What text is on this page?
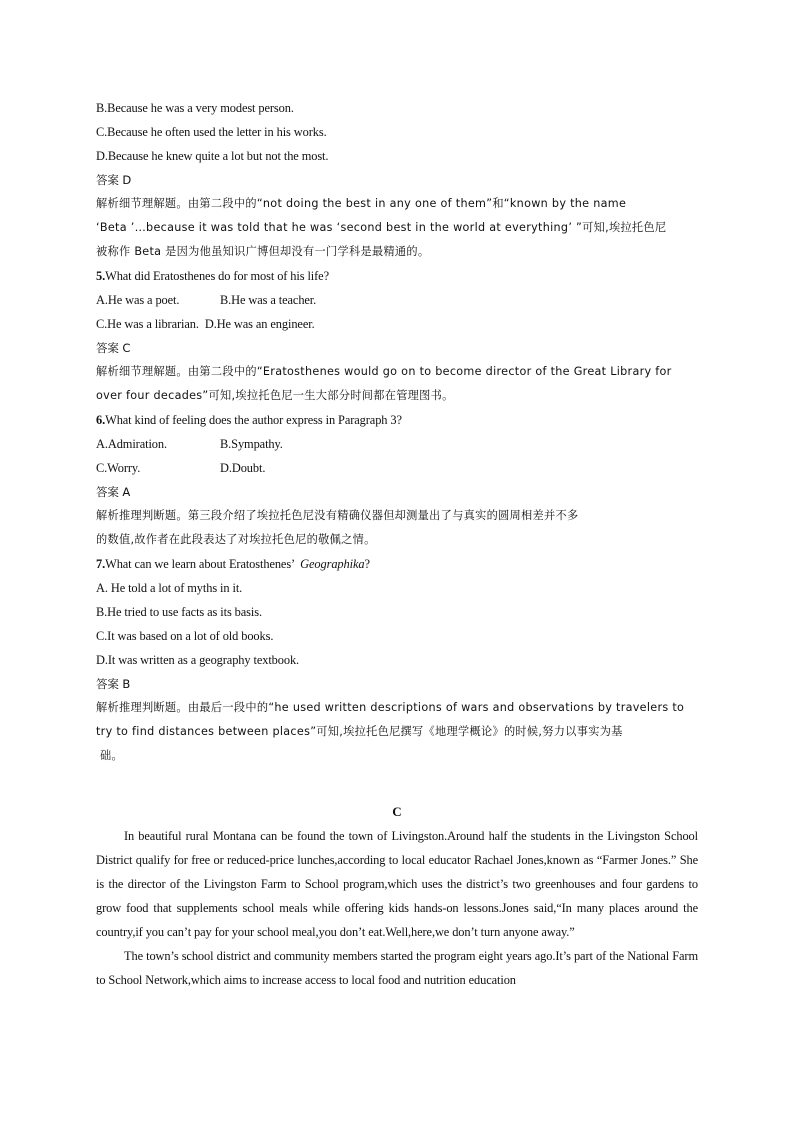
B.Because he was a very modest person.
C.Because he often used the letter in his works.
D.Because he knew quite a lot but not the most.
答案 D
解析细节理解题。由第二段中的“not doing the best in any one of them”和“known by the name
‘Beta ’…because it was told that he was ‘second best in the world at everything’ ”可知,埃拉托色尼
被称作 Beta 是因为他虽知识广博但却没有一门学科是最精通的。
5.What did Eratosthenes do for most of his life?
A.He was a poet.	B.He was a teacher.
C.He was a librarian. D.He was an engineer.
答案 C
解析细节理解题。由第二段中的“Eratosthenes would go on to become director of the Great Library for
over four decades”可知,埃拉托色尼一生大部分时间都在管理图书。
6.What kind of feeling does the author express in Paragraph 3?
A.Admiration.	B.Sympathy.
C.Worry.	D.Doubt.
答案 A
解析推理判断题。第三段介绍了埃拉托色尼没有精确仪器但却测量出了与真实的圆周相差并不多
的数值,故作者在此段表达了对埃拉托色尼的敬佩之情。
7.What can we learn about Eratosthenes’  Geographika?
A. He told a lot of myths in it.
B.He tried to use facts as its basis.
C.It was based on a lot of old books.
D.It was written as a geography textbook.
答案 B
解析推理判断题。由最后一段中的“he used written descriptions of wars and observations by travelers to
try to find distances between places”可知,埃拉托色尼撰写《地理学概论》的时候,努力以事实为基
础。
C

In beautiful rural Montana can be found the town of Livingston.Around half the students in the Livingston School District qualify for free or reduced-price lunches,according to local educator Rachael Jones,known as “Farmer Jones.” She is the director of the Livingston Farm to School program,which uses the district’s two greenhouses and four gardens to grow food that supplements school meals while offering kids hands-on lessons.Jones said,“In many places around the country,if you can’t pay for your school meal,you don’t eat.Well,here,we don’t turn anyone away.”

The town’s school district and community members started the program eight years ago.It’s part of the National Farm to School Network,which aims to increase access to local food and nutrition education
